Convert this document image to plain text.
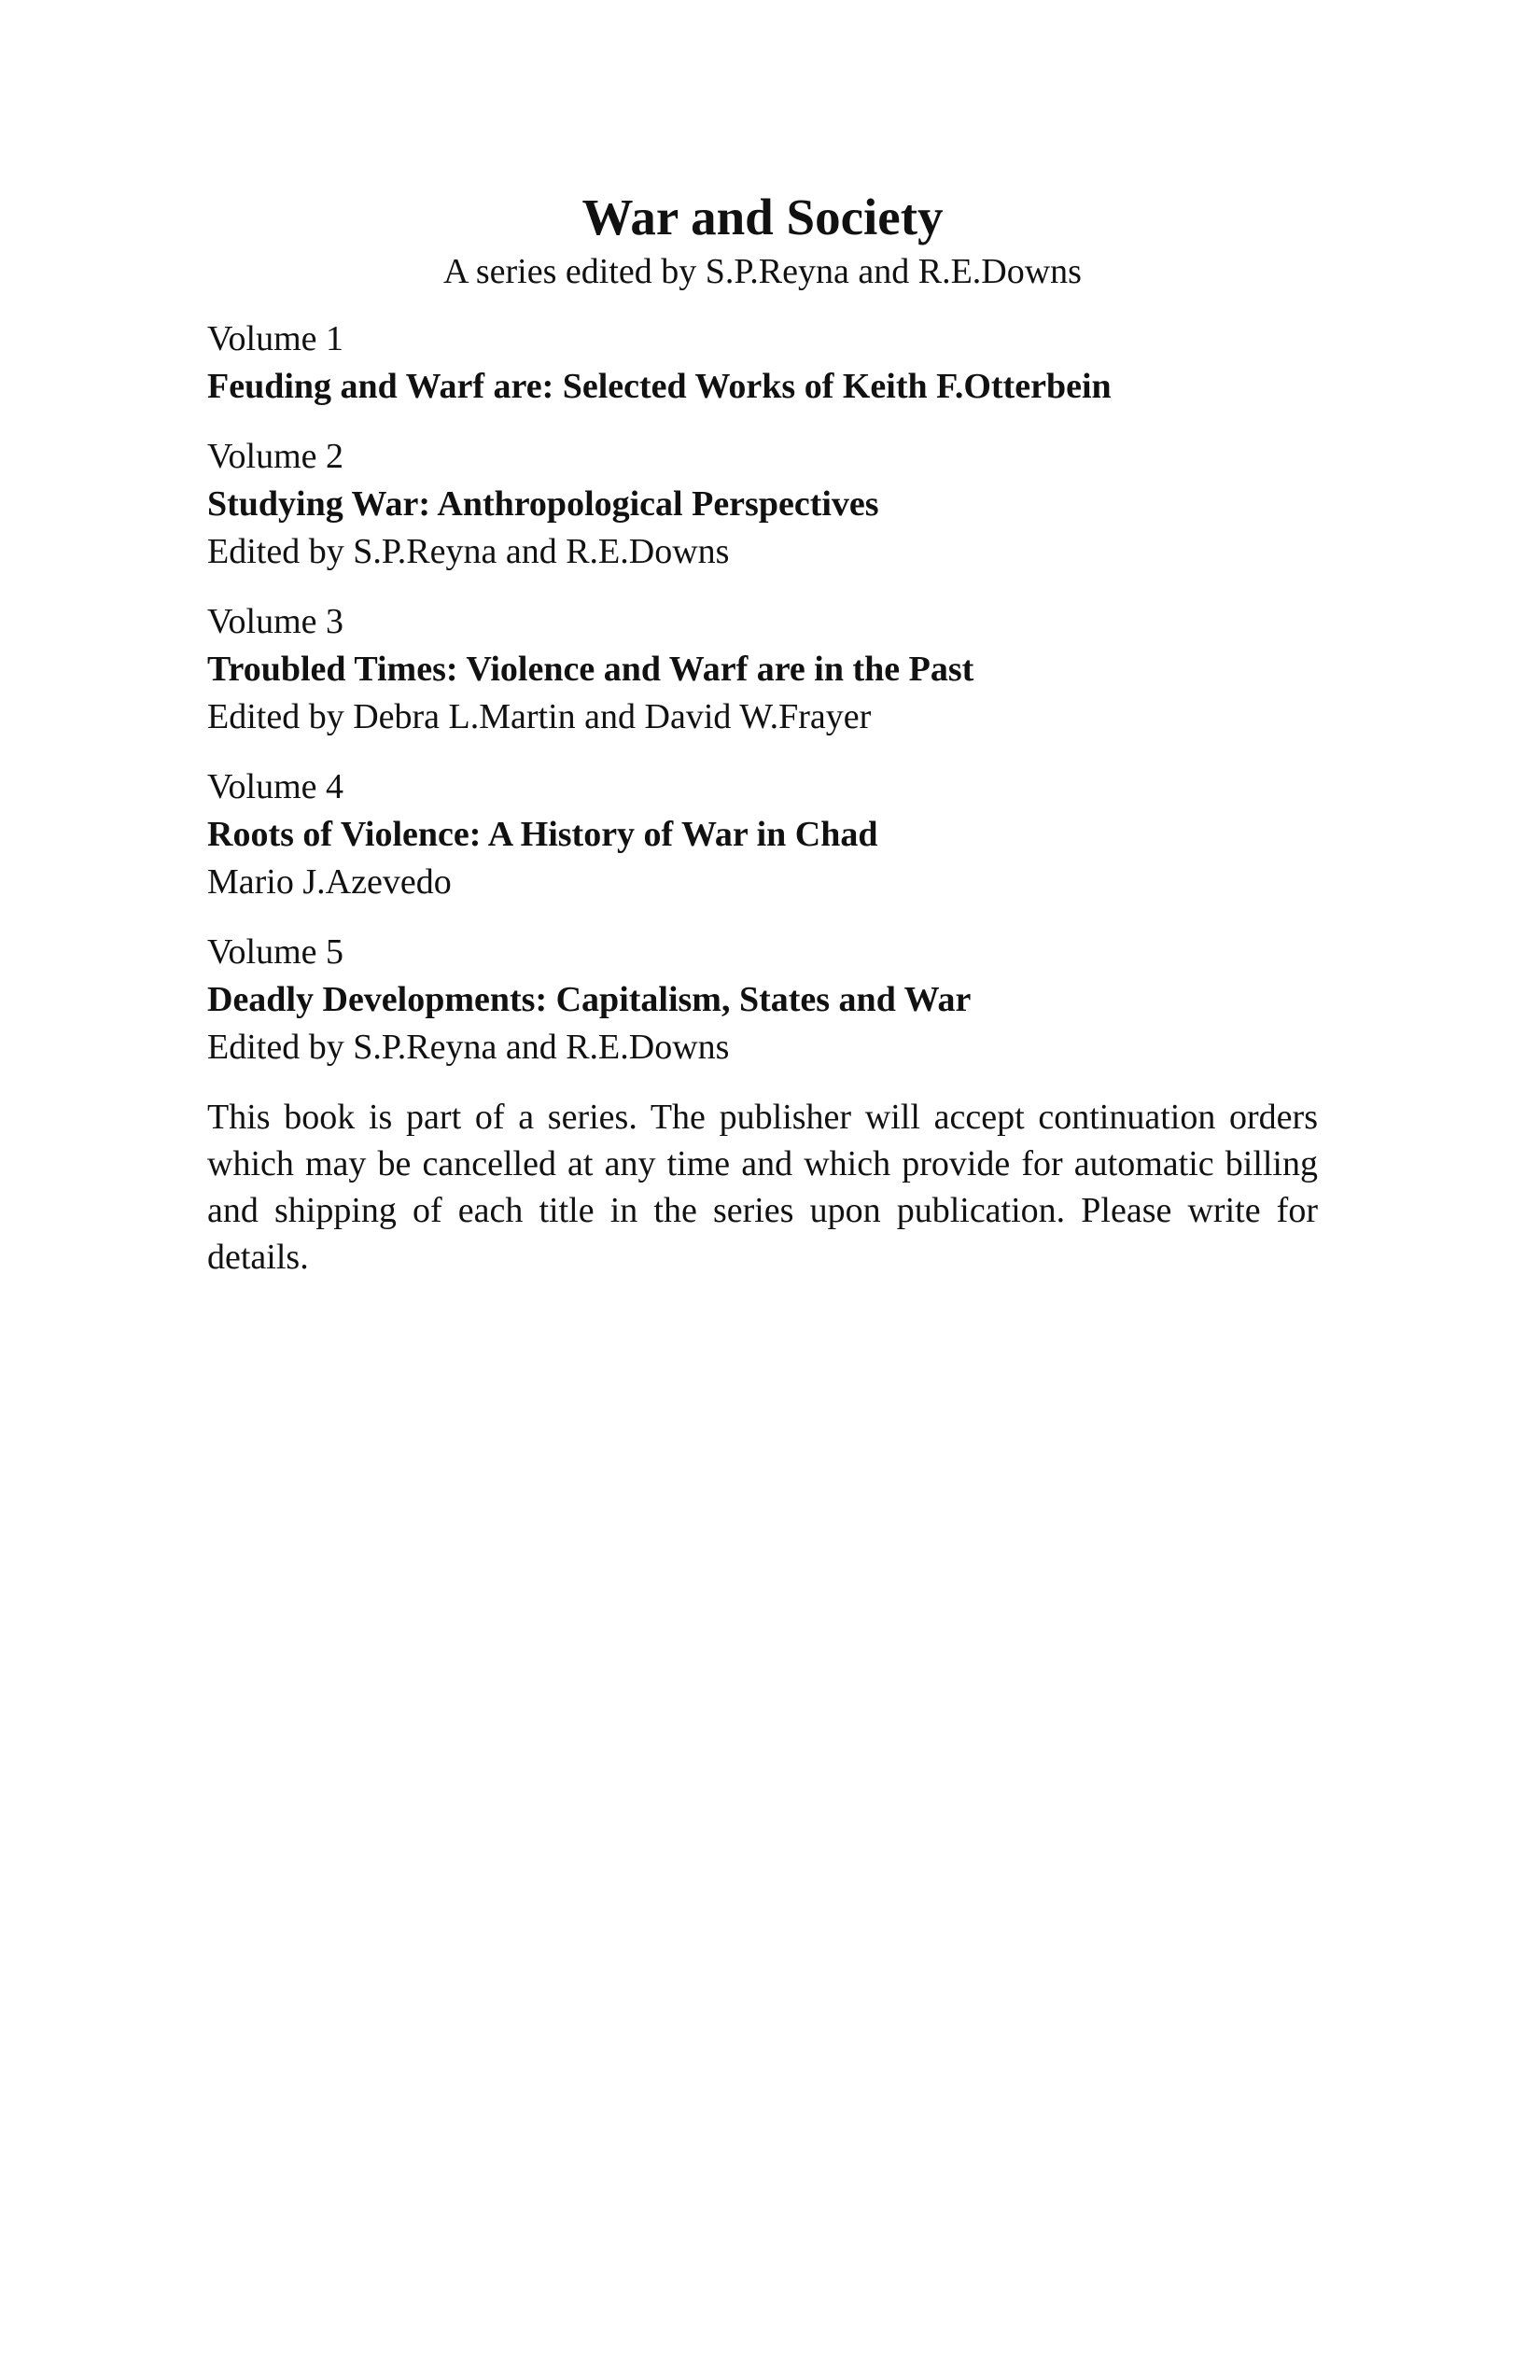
War and Society

A series edited by S.P.Reyna and R.E.Downs

Volume 1

Feuding and Warf are: Selected Works of Keith F.Otterbein

Volume 2

Studying War: Anthropological Perspectives

Edited by S.P.Reyna and R.E.Downs

Volume 3

Troubled Times: Violence and Warf are in the Past

Edited by Debra L.Martin and David W.Frayer

Volume 4

Roots of Violence: A History of War in Chad

Mario J.Azevedo

Volume 5

Deadly Developments: Capitalism, States and War

Edited by S.P.Reyna and R.E.Downs

This book is part of a series. The publisher will accept continuation orders which may be cancelled at any time and which provide for automatic billing and shipping of each title in the series upon publication. Please write for details.
